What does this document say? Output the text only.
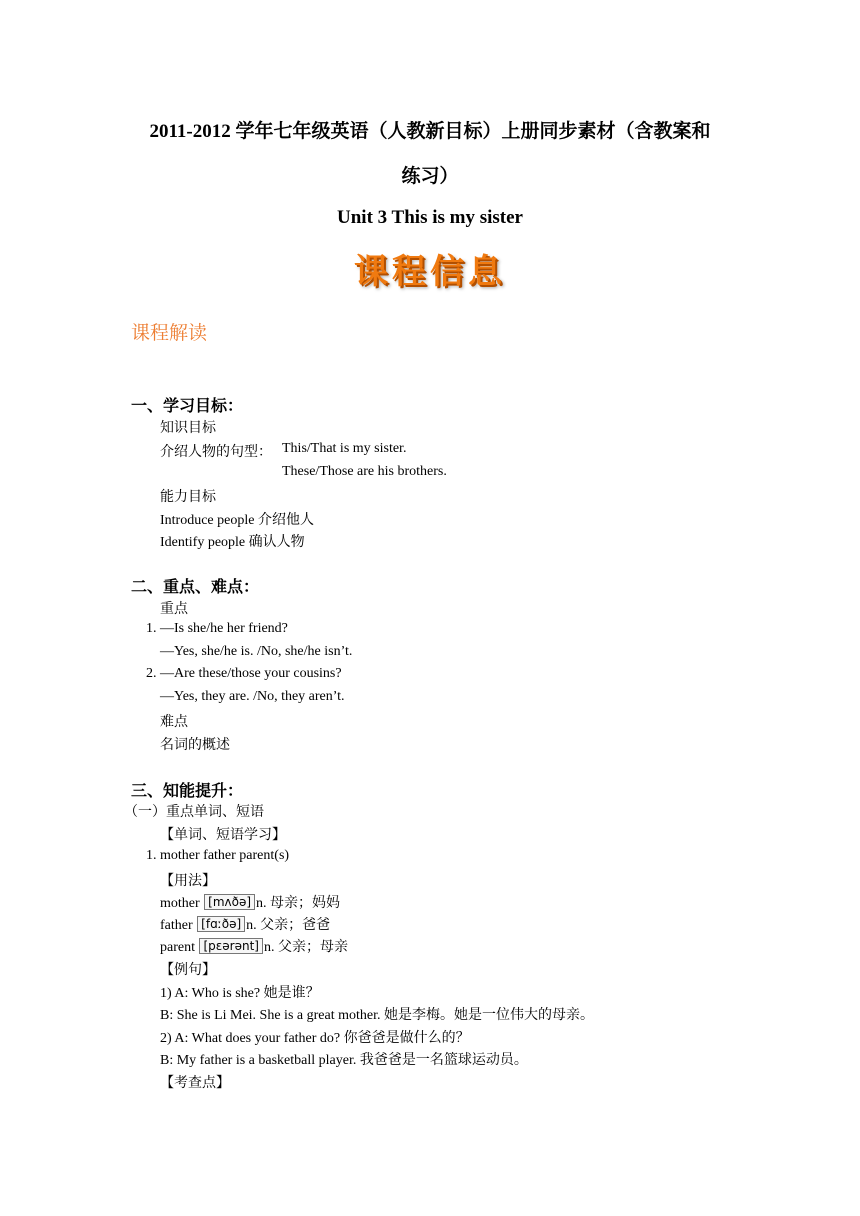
2011-2012 学年七年级英语（人教新目标）上册同步素材（含教案和
练习）
Unit 3 This is my sister
课程信息
课程解读
一、学习目标：
知识目标
介绍人物的句型： This/That is my sister.
These/Those are his brothers.
能力目标
Introduce people 介绍他人
Identify people 确认人物
二、重点、难点：
重点
1. —Is she/he her friend?
—Yes, she/he is. /No, she/he isn’t.
2. —Are these/those your cousins?
—Yes, they are. /No, they aren’t.
难点
名词的概述
三、知能提升：
（一）重点单词、短语
【单词、短语学习】
1. mother father parent(s)
【用法】
mother [mʌðə] n. 母亲；妈妈
father [fɑːðə] n. 父亲；爸爸
parent [pɛərənt] n. 父亲；母亲
【例句】
1) A: Who is she? 她是谁？
B: She is Li Mei. She is a great mother. 她是李梅。她是一位伟大的母亲。
2) A: What does your father do? 你爸爸是做什么的？
B: My father is a basketball player. 我爸爸是一名篮球运动员。
【考查点】
